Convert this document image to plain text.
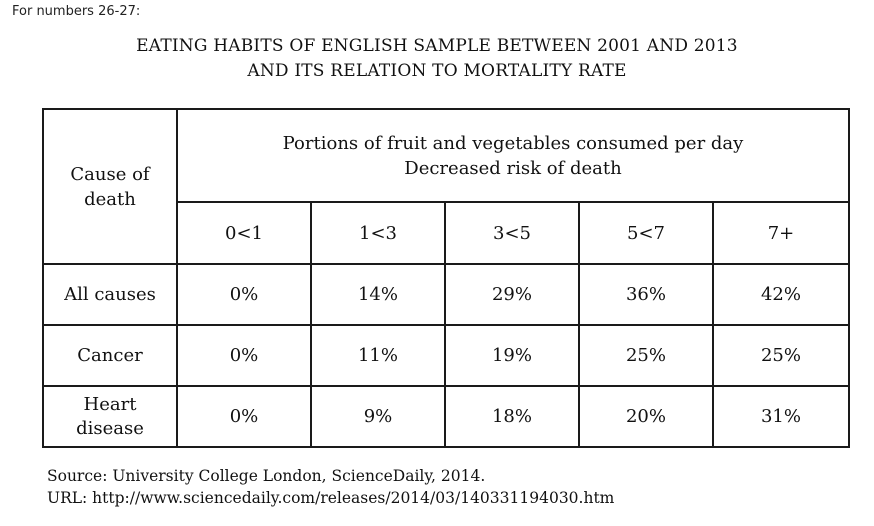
For numbers 26-27:
EATING HABITS OF ENGLISH SAMPLE BETWEEN 2001 AND 2013
AND ITS RELATION TO MORTALITY RATE
Cause of
death	Portions of fruit and vegetables consumed per day
Decreased risk of death				

	0<1	1<3	3<5	5<7	7+
All causes	0%	14%	29%	36%	42%
Cancer	0%	11%	19%	25%	25%

Heart
disease	0%	9%	18%	20%	31%
Source: University College London, ScienceDaily, 2014.
URL: http://www.sciencedaily.com/releases/2014/03/140331194030.htm
